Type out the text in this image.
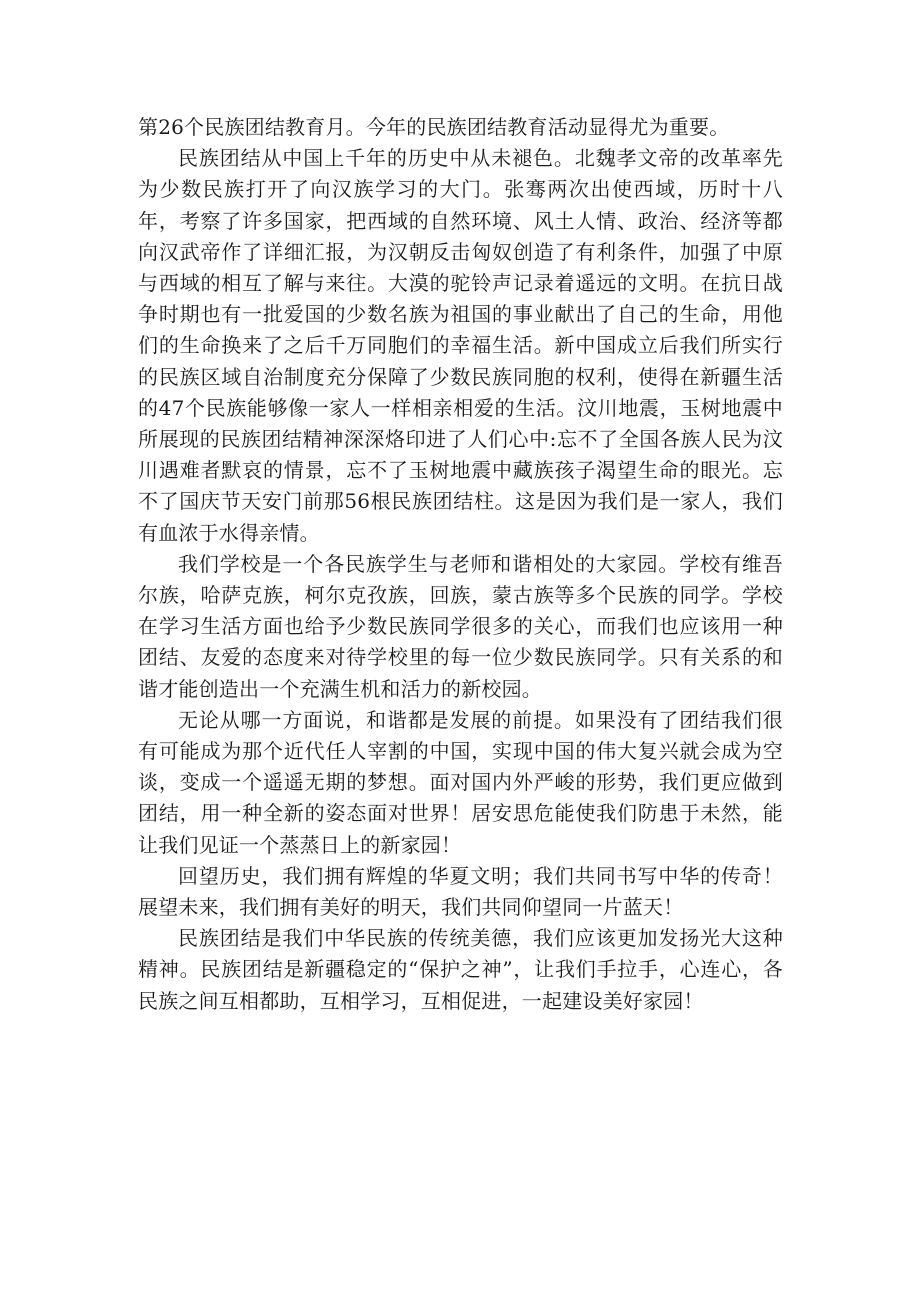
第26个民族团结教育月。今年的民族团结教育活动显得尤为重要。

民族团结从中国上千年的历史中从未褪色。北魏孝文帝的改革率先为少数民族打开了向汉族学习的大门。张骞两次出使西域，历时十八年，考察了许多国家，把西域的自然环境、风土人情、政治、经济等都向汉武帝作了详细汇报，为汉朝反击匈奴创造了有利条件，加强了中原与西域的相互了解与来往。大漠的驼铃声记录着遥远的文明。在抗日战争时期也有一批爱国的少数名族为祖国的事业献出了自己的生命，用他们的生命换来了之后千万同胞们的幸福生活。新中国成立后我们所实行的民族区域自治制度充分保障了少数民族同胞的权利，使得在新疆生活的47个民族能够像一家人一样相亲相爱的生活。汶川地震，玉树地震中所展现的民族团结精神深深烙印进了人们心中:忘不了全国各族人民为汶川遇难者默哀的情景，忘不了玉树地震中藏族孩子渴望生命的眼光。忘不了国庆节天安门前那56根民族团结柱。这是因为我们是一家人，我们有血浓于水得亲情。

我们学校是一个各民族学生与老师和谐相处的大家园。学校有维吾尔族，哈萨克族，柯尔克孜族，回族，蒙古族等多个民族的同学。学校在学习生活方面也给予少数民族同学很多的关心，而我们也应该用一种团结、友爱的态度来对待学校里的每一位少数民族同学。只有关系的和谐才能创造出一个充满生机和活力的新校园。

无论从哪一方面说，和谐都是发展的前提。如果没有了团结我们很有可能成为那个近代任人宰割的中国，实现中国的伟大复兴就会成为空谈，变成一个遥遥无期的梦想。面对国内外严峻的形势，我们更应做到团结，用一种全新的姿态面对世界！居安思危能使我们防患于未然，能让我们见证一个蒸蒸日上的新家园！

回望历史，我们拥有辉煌的华夏文明；我们共同书写中华的传奇！展望未来，我们拥有美好的明天，我们共同仰望同一片蓝天！

民族团结是我们中华民族的传统美德，我们应该更加发扬光大这种精神。民族团结是新疆稳定的“保护之神”，让我们手拉手，心连心，各民族之间互相都助，互相学习，互相促进，一起建设美好家园！
